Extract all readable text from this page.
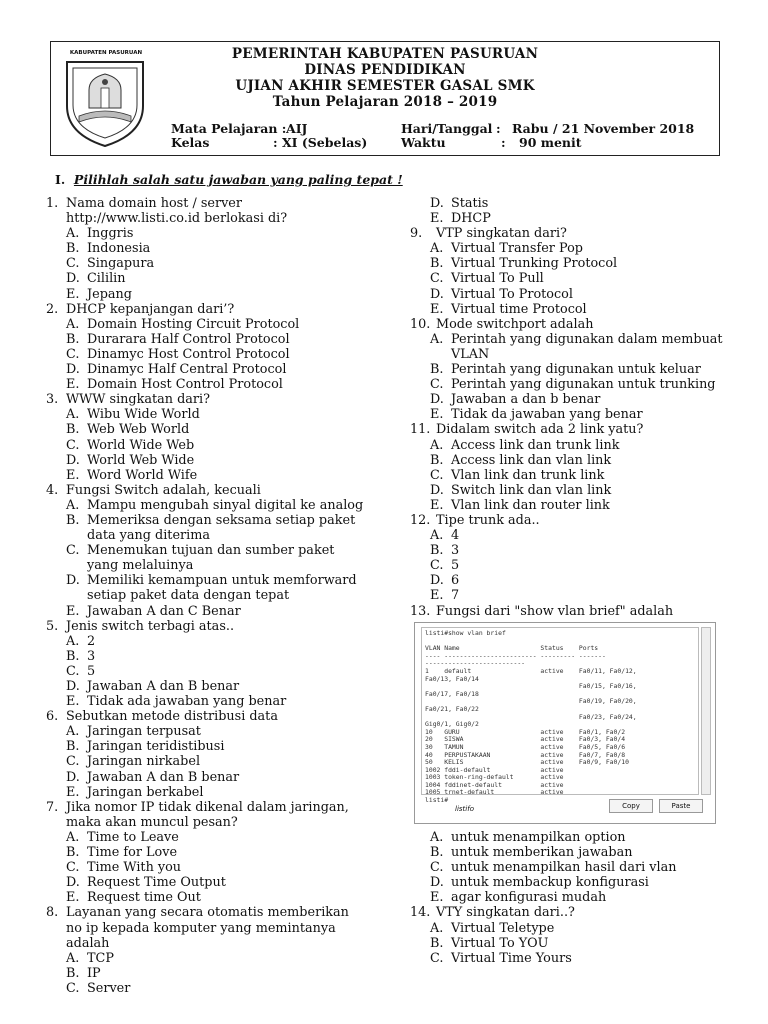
KABUPATEN PASURUAN	PEMERINTAH KABUPATEN PASURUAN
DINAS PENDIDIKAN
UJIAN AKHIR SEMESTER GASAL SMK
Tahun Pelajaran 2018 – 2019
Mata Pelajaran : AIJ
Kelas	: XI (Sebelas)
Hari/Tanggal : Rabu / 21 November 2018
Waktu	: 90 menit
I. Pilihlah salah satu jawaban yang paling tepat !
1. Nama domain host / server http://www.listi.co.id berlokasi di?
A. Inggris
B. Indonesia
C. Singapura
D. Cililin
E. Jepang
2. DHCP kepanjangan dari’?
A. Domain Hosting Circuit Protocol
B. Durarara Half Control Protocol
C. Dinamyc Host Control Protocol
D. Dinamyc Half Central Protocol
E. Domain Host Control Protocol
3. WWW singkatan dari?
A. Wibu Wide World
B. Web Web World
C. World Wide Web
D. World Web Wide
E. Word World Wife
4. Fungsi Switch adalah, kecuali
A. Mampu mengubah sinyal digital ke analog
B. Memeriksa dengan seksama setiap paket data yang diterima
C. Menemukan tujuan dan sumber paket yang melaluinya
D. Memiliki kemampuan untuk memforward setiap paket data dengan tepat
E. Jawaban A dan C Benar
5. Jenis switch terbagi atas..
A. 2
B. 3
C. 5
D. Jawaban A dan B benar
E. Tidak ada jawaban yang benar
6. Sebutkan metode distribusi data
A. Jaringan terpusat
B. Jaringan teridistibusi
C. Jaringan nirkabel
D. Jawaban A dan B benar
E. Jaringan berkabel
7. Jika nomor IP tidak dikenal dalam jaringan, maka akan muncul pesan?
A. Time to Leave
B. Time for Love
C. Time With you
D. Request Time Output
E. Request time Out
8. Layanan yang secara otomatis memberikan no ip kepada komputer yang memintanya adalah
A. TCP
B. IP
C. Server
D. Statis
E. DHCP
9.	VTP singkatan dari?
A. Virtual Transfer Pop
B. Virtual Trunking Protocol
C. Virtual To Pull
D. Virtual To Protocol
E. Virtual time Protocol
10. Mode switchport adalah
A. Perintah yang digunakan dalam membuat VLAN
B. Perintah yang digunakan untuk keluar
C. Perintah yang digunakan untuk trunking
D. Jawaban a dan b benar
E. Tidak da jawaban yang benar
11. Didalam switch ada 2 link yatu?
A. Access link dan trunk link
B. Access link dan vlan link
C. Vlan link dan trunk link
D. Switch link dan vlan link
E. Vlan link dan router link
12. Tipe trunk ada..
A. 4
B. 3
C. 5
D. 6
E. 7
13. Fungsi dari "show vlan brief" adalah
listi#show vlan brief
VLAN Name                     Status    Ports
---- ------------------------ --------- -------
--------------------------
1    default                  active    Fa0/11, Fa0/12,
Fa0/13, Fa0/14
Fa0/15, Fa0/16,
Fa0/17, Fa0/18
Fa0/19, Fa0/20,
Fa0/21, Fa0/22
Fa0/23, Fa0/24,
Gig0/1, Gig0/2
10   GURU                     active    Fa0/1, Fa0/2
20   SISWA                    active    Fa0/3, Fa0/4
30   TAMUN                    active    Fa0/5, Fa0/6
40   PERPUSTAKAAN             active    Fa0/7, Fa0/8
50   KELIS                    active    Fa0/9, Fa0/10
1002 fddi-default             active
1003 token-ring-default       active
1004 fddinet-default          active
1005 trnet-default            active
listi#
listifo	Copy	Paste
A. untuk menampilkan option
B. untuk memberikan jawaban
C. untuk menampilkan hasil dari vlan
D. untuk membackup konfigurasi
E. agar konfigurasi mudah
14. VTY singkatan dari..?
A. Virtual Teletype
B. Virtual To YOU
C. Virtual Time Yours
